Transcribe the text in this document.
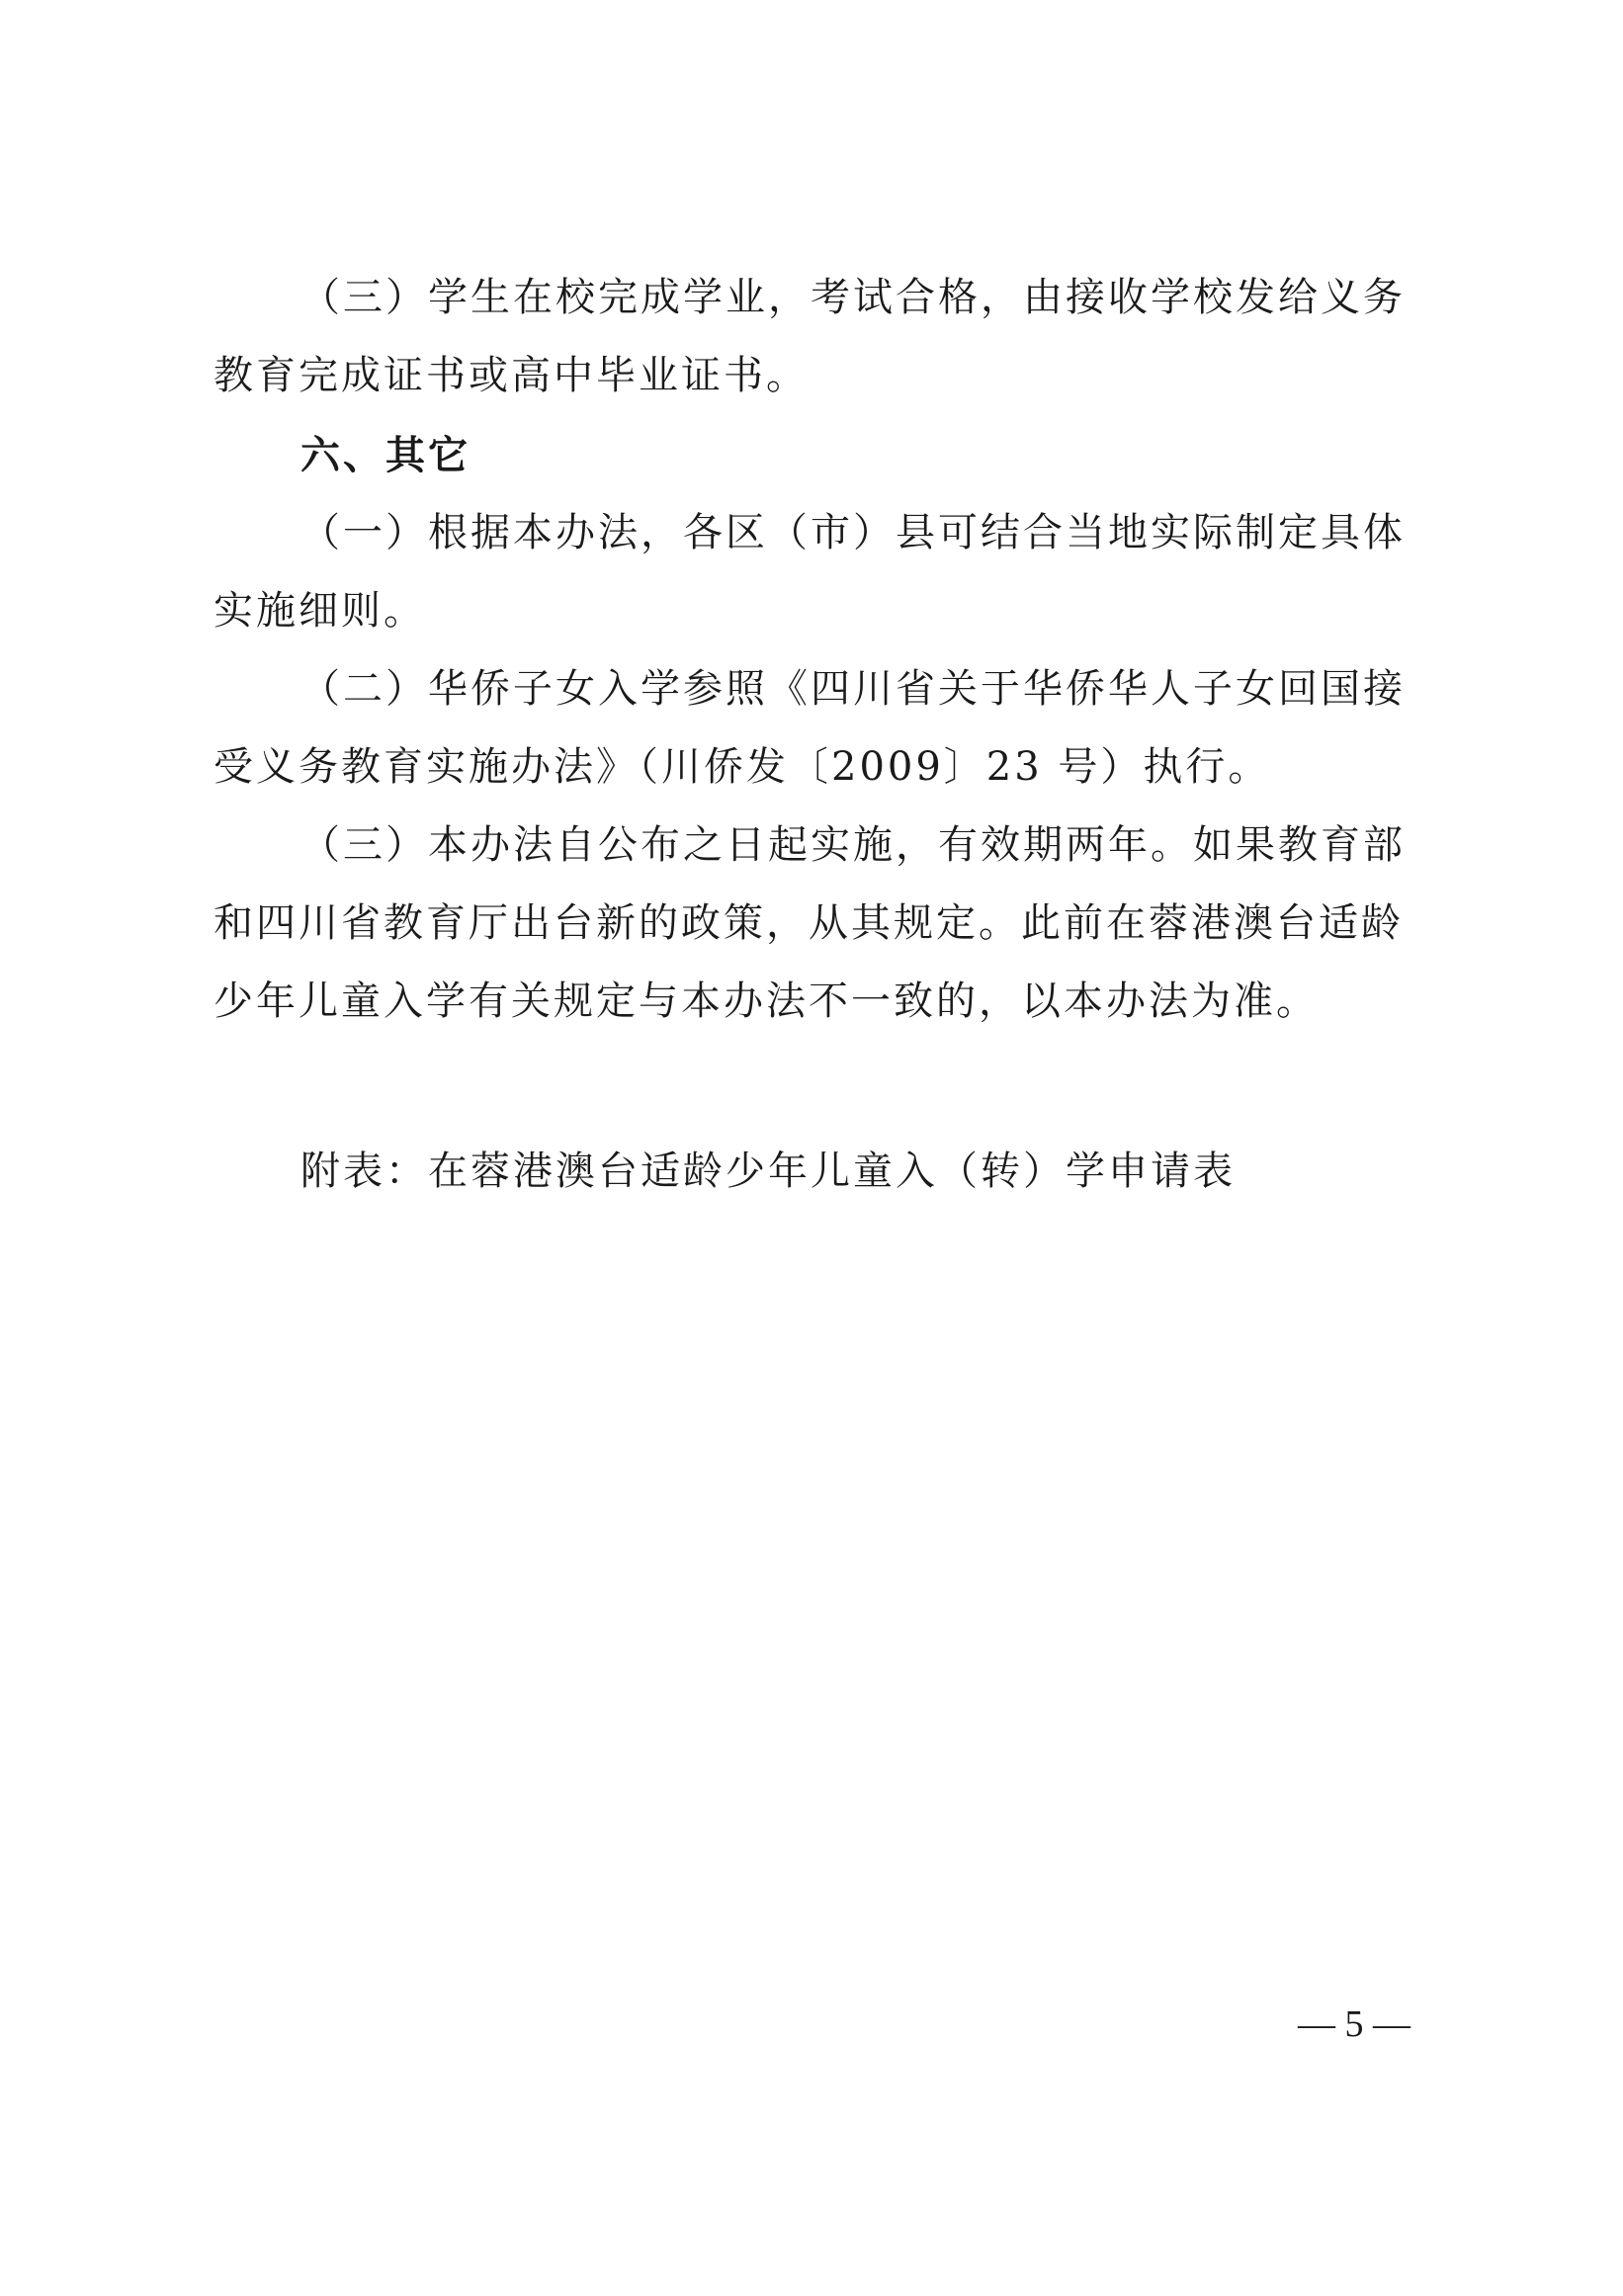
（三）学生在校完成学业，考试合格，由接收学校发给义务
教育完成证书或高中毕业证书。
六、其它
（一）根据本办法，各区（市）县可结合当地实际制定具体
实施细则。
（二）华侨子女入学参照《四川省关于华侨华人子女回国接
受义务教育实施办法》（川侨发〔2009〕23 号）执行。
（三）本办法自公布之日起实施，有效期两年。如果教育部
和四川省教育厅出台新的政策，从其规定。此前在蓉港澳台适龄
少年儿童入学有关规定与本办法不一致的，以本办法为准。
附表：在蓉港澳台适龄少年儿童入（转）学申请表
— 5 —
